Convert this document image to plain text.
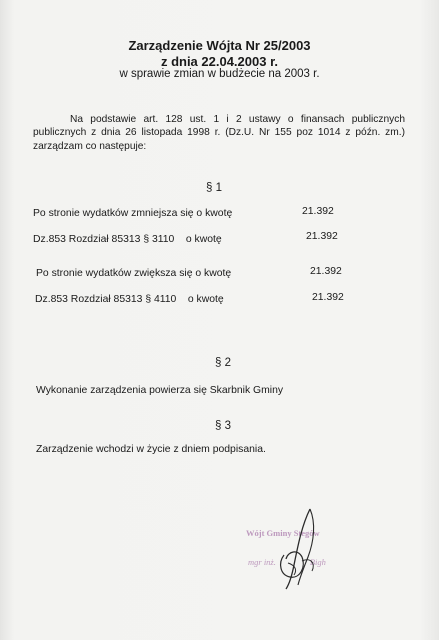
Zarządzenie Wójta Nr 25/2003
z dnia 22.04.2003 r.
w sprawie zmian w budżecie na 2003 r.
Na podstawie art. 128 ust. 1 i 2 ustawy o finansach publicznych
publicznych z dnia 26 listopada 1998 r. (Dz.U. Nr 155 poz 1014 z późn. zm.)
zarządzam co następuje:
§ 1
Po stronie wydatków zmniejsza się o kwotę	21.392
Dz.853 Rozdział 85313 § 3110    o kwotę	21.392
Po stronie wydatków zwiększa się o kwotę	21.392
Dz.853 Rozdział 85313 § 4110    o kwotę	21.392
§ 2
Wykonanie zarządzenia powierza się Skarbnik Gminy
§ 3
Zarządzenie wchodzi w życie z dniem podpisania.
Wójt Gminy Stegów
mgr inż.                Bigh
